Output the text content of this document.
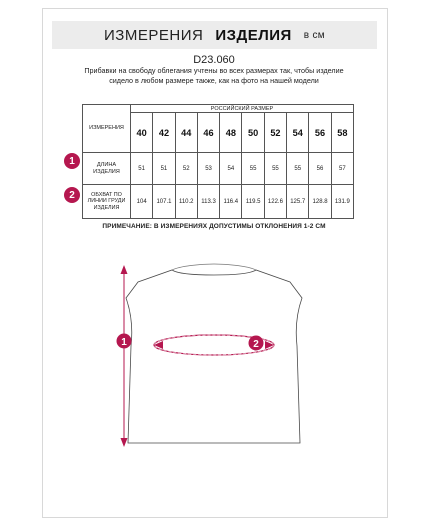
ИЗМЕРЕНИЯ ИЗДЕЛИЯ в см
D23.060
Прибавки на свободу облегания учтены во всех размерах так, чтобы изделие сидело в любом размере также, как на фото на нашей модели
ИЗМЕРЕНИЯ	РОССИЙСКИЙ РАЗМЕР									
	40	42	44	46	48	50	52	54	56	58
ДЛИНА ИЗДЕЛИЯ	51	51	52	53	54	55	55	55	56	57
ОБХВАТ ПО ЛИНИИ ГРУДИ ИЗДЕЛИЯ	104	107.1	110.2	113.3	116.4	119.5	122.6	125.7	128.8	131.9
1
2
ПРИМЕЧАНИЕ: В ИЗМЕРЕНИЯХ ДОПУСТИМЫ ОТКЛОНЕНИЯ 1-2 СМ
1	2
